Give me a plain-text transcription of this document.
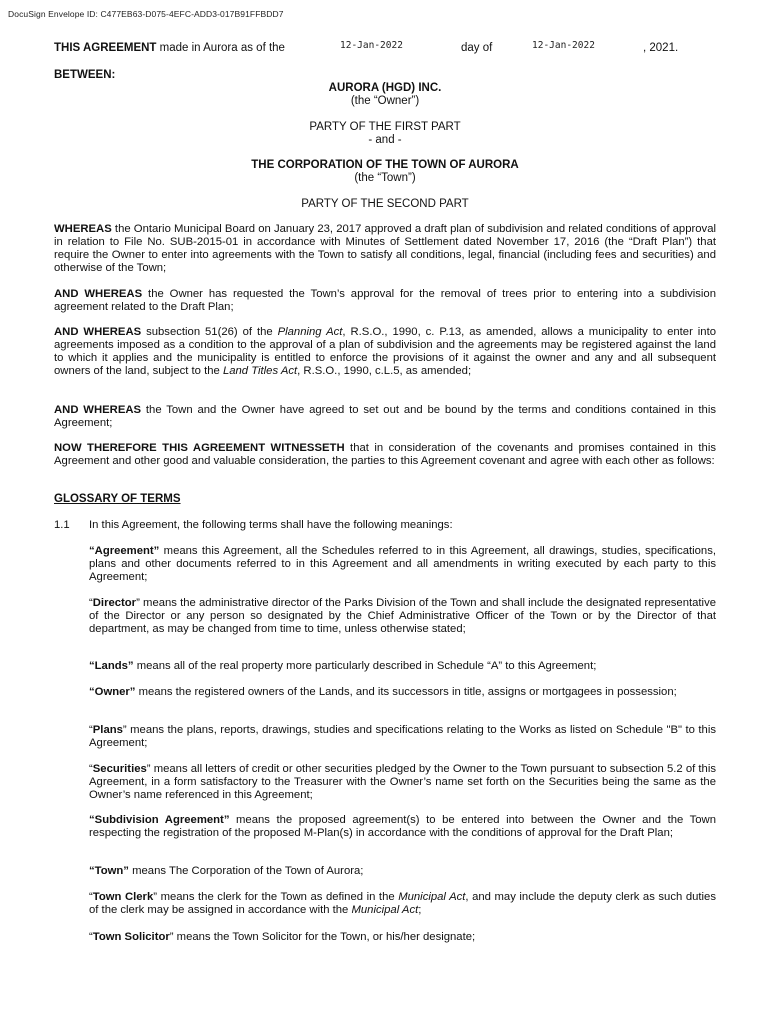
DocuSign Envelope ID: C477EB63-D075-4EFC-ADD3-017B91FFBDD7
THIS AGREEMENT made in Aurora as of the	12-Jan-2022	day of	12-Jan-2022	, 2021.
BETWEEN:
AURORA (HGD) INC.
(the “Owner”)
PARTY OF THE FIRST PART
- and -
THE CORPORATION OF THE TOWN OF AURORA
(the “Town”)
PARTY OF THE SECOND PART
WHEREAS the Ontario Municipal Board on January 23, 2017 approved a draft plan of subdivision and related conditions of approval in relation to File No. SUB-2015-01 in accordance with Minutes of Settlement dated November 17, 2016 (the “Draft Plan”) that require the Owner to enter into agreements with the Town to satisfy all conditions, legal, financial (including fees and securities) and otherwise of the Town;
AND WHEREAS the Owner has requested the Town’s approval for the removal of trees prior to entering into a subdivision agreement related to the Draft Plan;
AND WHEREAS subsection 51(26) of the Planning Act, R.S.O., 1990, c. P.13, as amended, allows a municipality to enter into agreements imposed as a condition to the approval of a plan of subdivision and the agreements may be registered against the land to which it applies and the municipality is entitled to enforce the provisions of it against the owner and any and all subsequent owners of the land, subject to the Land Titles Act, R.S.O., 1990, c.L.5, as amended;
AND WHEREAS the Town and the Owner have agreed to set out and be bound by the terms and conditions contained in this Agreement;
NOW THEREFORE THIS AGREEMENT WITNESSETH that in consideration of the covenants and promises contained in this Agreement and other good and valuable consideration, the parties to this Agreement covenant and agree with each other as follows:
GLOSSARY OF TERMS
1.1 In this Agreement, the following terms shall have the following meanings:
“Agreement” means this Agreement, all the Schedules referred to in this Agreement, all drawings, studies, specifications, plans and other documents referred to in this Agreement and all amendments in writing executed by each party to this Agreement;
“Director” means the administrative director of the Parks Division of the Town and shall include the designated representative of the Director or any person so designated by the Chief Administrative Officer of the Town or by the Director of that department, as may be changed from time to time, unless otherwise stated;
“Lands” means all of the real property more particularly described in Schedule “A” to this Agreement;
“Owner” means the registered owners of the Lands, and its successors in title, assigns or mortgagees in possession;
“Plans” means the plans, reports, drawings, studies and specifications relating to the Works as listed on Schedule "B" to this Agreement;
“Securities” means all letters of credit or other securities pledged by the Owner to the Town pursuant to subsection 5.2 of this Agreement, in a form satisfactory to the Treasurer with the Owner’s name set forth on the Securities being the same as the Owner’s name referenced in this Agreement;
“Subdivision Agreement” means the proposed agreement(s) to be entered into between the Owner and the Town respecting the registration of the proposed M-Plan(s) in accordance with the conditions of approval for the Draft Plan;
“Town” means The Corporation of the Town of Aurora;
“Town Clerk” means the clerk for the Town as defined in the Municipal Act, and may include the deputy clerk as such duties of the clerk may be assigned in accordance with the Municipal Act;
“Town Solicitor” means the Town Solicitor for the Town, or his/her designate;
